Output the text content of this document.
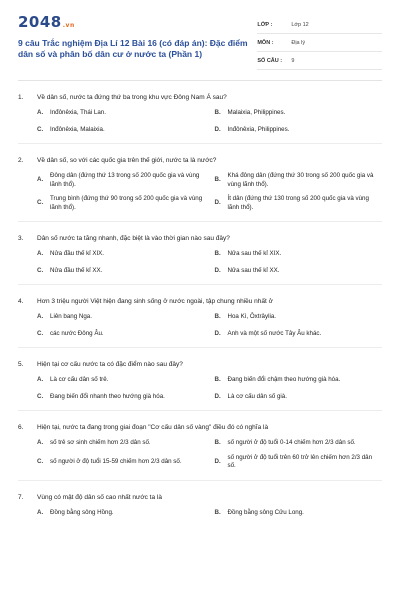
2048.vn
9 câu Trắc nghiệm Địa Lí 12 Bài 16 (có đáp án): Đặc điểm dân số và phân bố dân cư ở nước ta (Phần 1)
LỚP :	Lớp 12
MÔN :	Địa lý
SỐ CÂU :	9
1.	Về dân số, nước ta đứng thứ ba trong khu vực Đông Nam Á sau?
A.	Inđônêxia, Thái Lan.	B.	Malaixia, Philippines.
C.	Inđônêxia, Malaixia.	D.	Inđônêxia, Philippines.
2.	Về dân số, so với các quốc gia trên thế giới, nước ta là nước?
A.
Đông dân (đứng thứ 13 trong số 200 quốc gia và vùng lãnh thổ).
B.
Khá đông dân (đứng thứ 30 trong số 200 quốc gia và vùng lãnh thổ).
C.
Trung bình (đứng thứ 90 trong số 200 quốc gia và vùng lãnh thổ).
D.
Ít dân (đứng thứ 130 trong số 200 quốc gia và vùng lãnh thổ).
3.	Dân số nước ta tăng nhanh, đặc biệt là vào thời gian nào sau đây?
A.	Nửa đầu thế kỉ XIX.	B.	Nửa sau thế kỉ XIX.
C.	Nửa đầu thế kỉ XX.	D.	Nửa sau thế kỉ XX.
4.	Hơn 3 triệu người Việt hiện đang sinh sống ở nước ngoài, tập chung nhiều nhất ở
A.	Liên bang Nga.	B.	Hoa Kì, Ôxtrâylia.
C.	các nước Đông Âu.	D.	Anh và một số nước Tây Âu khác.
5.	Hiện tại cơ cấu nước ta có đặc điểm nào sau đây?
A.	Là cơ cấu dân số trẻ.	B.	Đang biến đổi chậm theo hướng già hóa.
C.	Đang biến đổi nhanh theo hướng già hóa.	D.	Là cơ cấu dân số già.
6.	Hiện tại, nước ta đang trong giai đoạn "Cơ cấu dân số vàng" điều đó có nghĩa là
A.	số trẻ sơ sinh chiếm hơn 2/3 dân số.	B.	số người ở độ tuổi 0-14 chiếm hơn 2/3 dân số.
C.	số người ở độ tuổi 15-59 chiếm hơn 2/3 dân số.	D.
số người ở độ tuổi trên 60 trở lên chiếm hơn 2/3 dân số.
7.	Vùng có mật độ dân số cao nhất nước ta là
A.	Đồng bằng sông Hồng.	B.	Đồng bằng sông Cửu Long.
